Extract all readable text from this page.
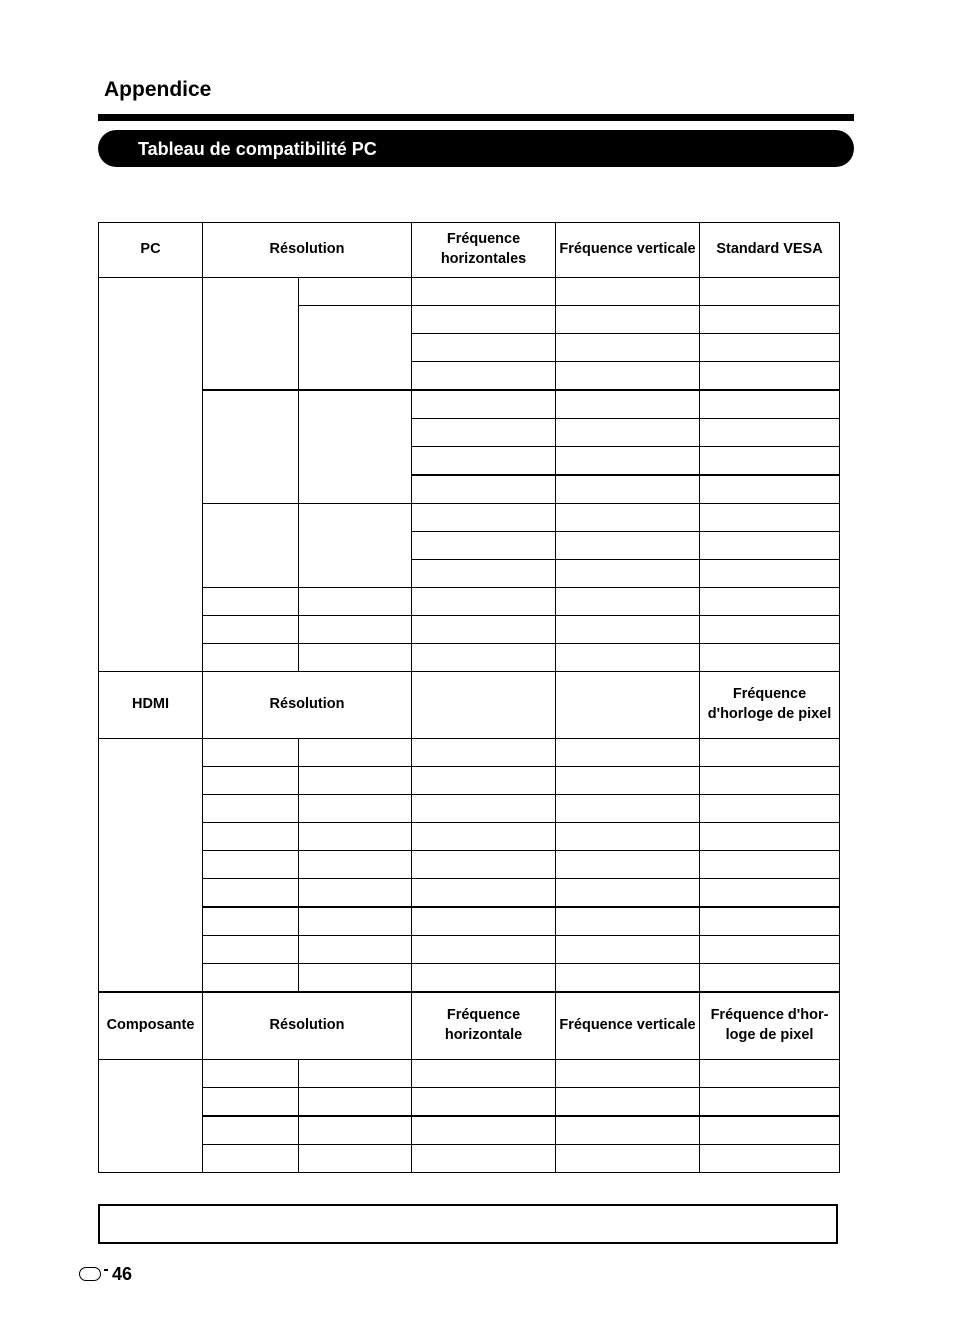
Appendice
Tableau de compatibilité PC
PC	Résolution		Fréquence horizontales	Fréquence verticale	Standard VESA

HDMI	Résolution				Fréquence d'horloge de pixel

Composante	Résolution		Fréquence horizontale	Fréquence verticale	Fréquence d'hor-loge de pixel

46
